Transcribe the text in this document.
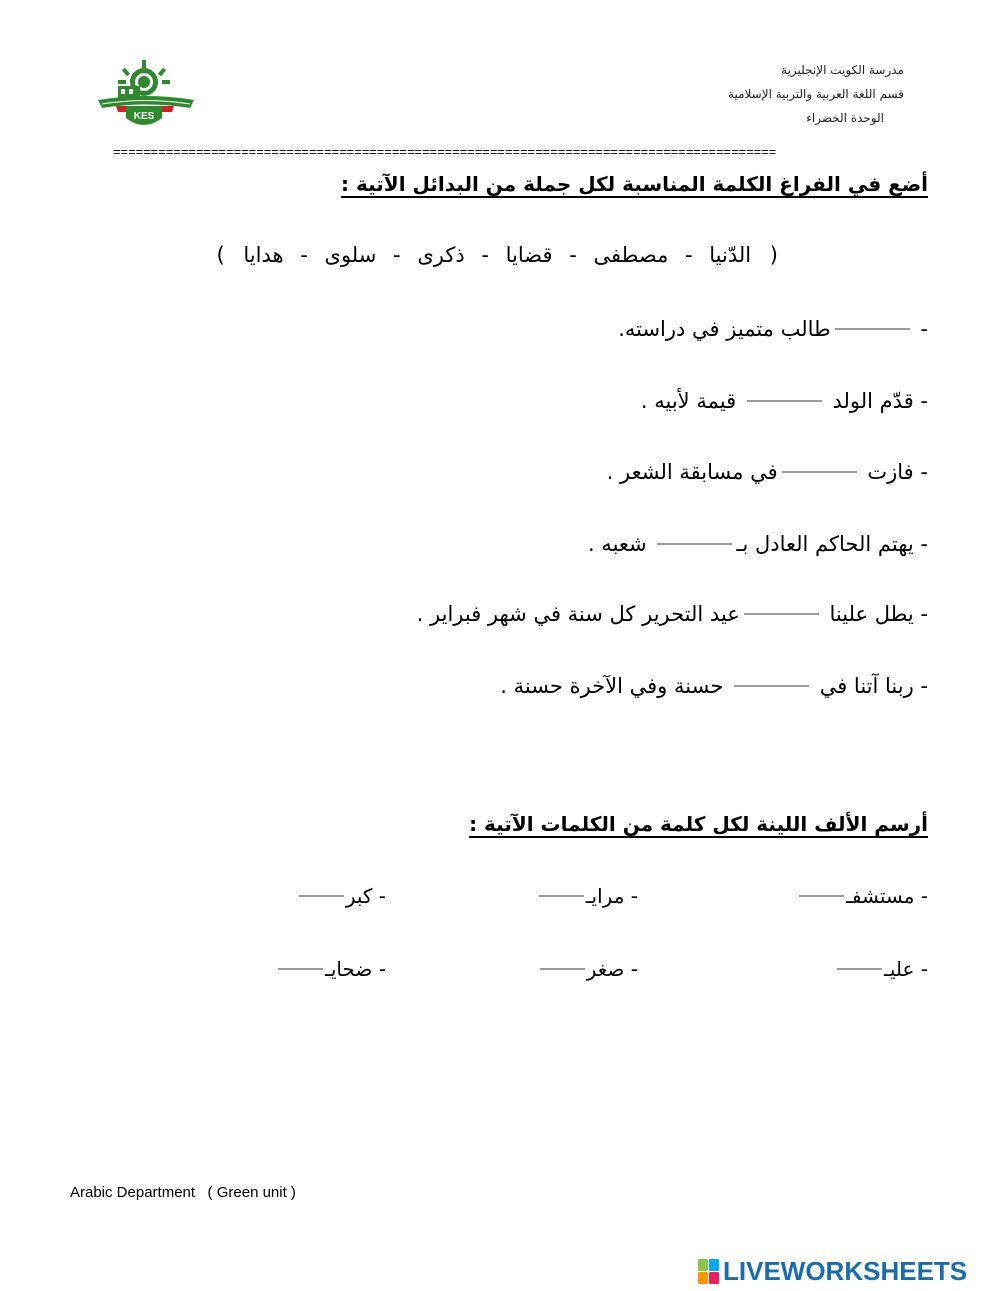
KES
مدرسة الكويت الإنجليزية
قسم اللغة العربية والتربية الإسلامية
الوحدة الخضراء
========================================================================================
أضع في الفراغ الكلمة المناسبة لكل جملة من البدائل الآتية :
( الدّنيا - مصطفى - قضايا - ذكرى - سلوى - هدايا )
- طالب متميز في دراسته.
- قدّم الولد  قيمة لأبيه .
- فازت في مسابقة الشعر .
- يهتم الحاكم العادل بـ شعبه .
- يطل علينا عيد التحرير كل سنة في شهر فبراير .
- ربنا آتنا في  حسنة وفي الآخرة حسنة .
أرسم الألف اللينة لكل كلمة من الكلمات الآتية :
- مستشفـ
- مرايـ
- كبر
- عليـ
- صغر
- ضحايـ
Arabic Department   ( Green unit )
LIVEWORKSHEETS
